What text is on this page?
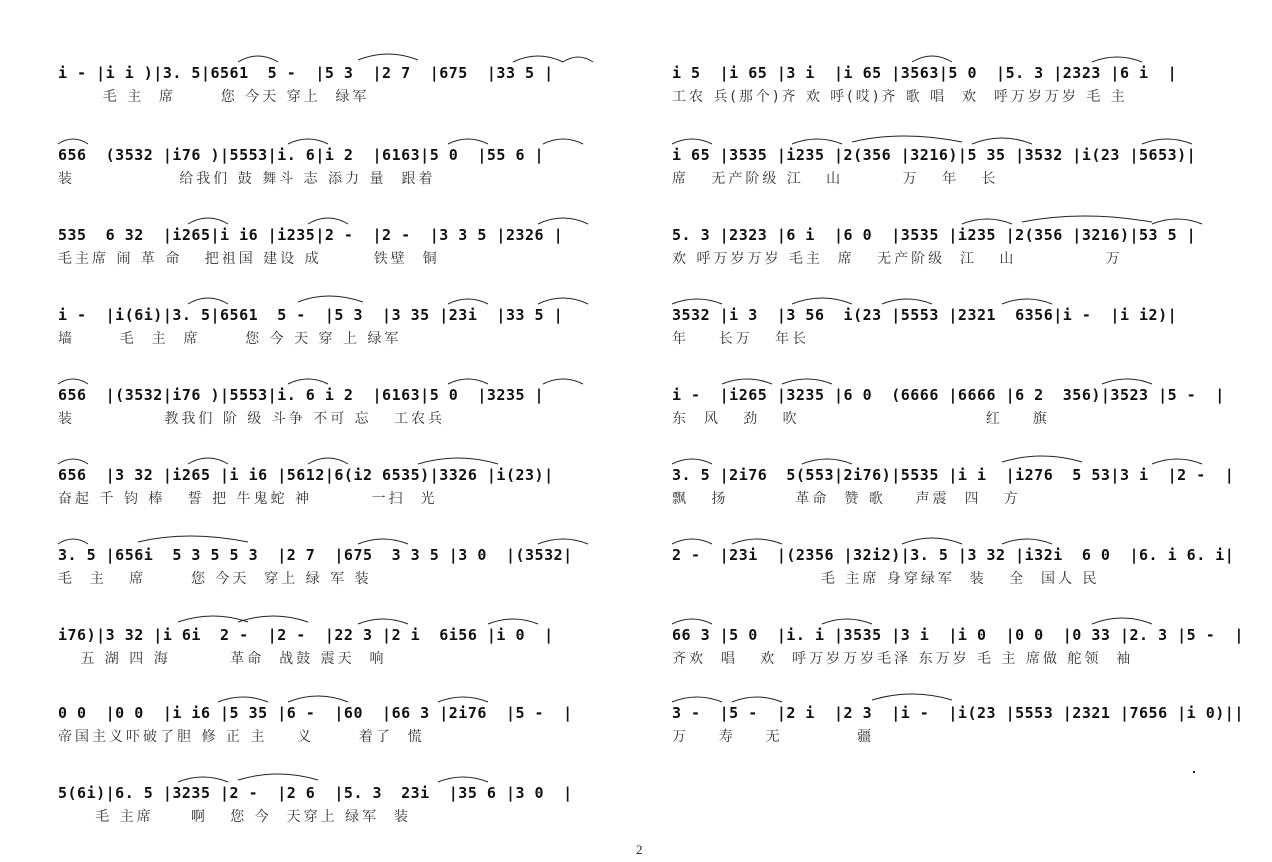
i - |i i )|3. 5|6561  5 -  |5 3  |2 7  |675  |33 5 |
毛 主  席      您 今天 穿上  绿军
656  (3532 |i76 )|5553|i. 6|i 2  |6163|5 0  |55 6 |
装              给我们 鼓 舞斗 志 添力 量  跟着
535  6 32  |i265|i i6 |i235|2 -  |2 -  |3 3 5 |2326 |
毛主席 闹 革 命   把祖国 建设 成       铁壁  铜
i -  |i(6i)|3. 5|6561  5 -  |5 3  |3 35 |23i  |33 5 |
墙      毛  主  席      您 今 天 穿 上 绿军
656  |(3532|i76 )|5553|i. 6 i 2  |6163|5 0  |3235 |
装            教我们 阶 级 斗争 不可 忘   工农兵
656  |3 32 |i265 |i i6 |5612|6(i2 6535)|3326 |i(23)|
奋起 千 钧 棒   誓 把 牛鬼蛇 神        一扫  光
3. 5 |656i  5 3 5 5 3  |2 7  |675  3 3 5 |3 0  |(3532|
毛  主   席      您 今天  穿上 绿 军 装
i76)|3 32 |i 6i  2 -  |2 -  |22 3 |2 i  6i56 |i 0  |
五 湖 四 海        革命  战鼓 震天  响
0 0  |0 0  |i i6 |5 35 |6 -  |60  |66 3 |2i76  |5 -  |
帝国主义吓破了胆 修 正 主    义      着了  慌
5(6i)|6. 5 |3235 |2 -  |2 6  |5. 3  23i  |35 6 |3 0  |
毛 主席     啊   您 今  天穿上 绿军  装
i 5  |i 65 |3 i  |i 65 |3563|5 0  |5. 3 |2323 |6 i  |
工农 兵(那个)齐 欢 呼(哎)齐 歌 唱  欢  呼万岁万岁 毛 主
i 65 |3535 |i235 |2(356 |3216)|5 35 |3532 |i(23 |5653)|
席   无产阶级 江   山        万   年   长
5. 3 |2323 |6 i  |6 0  |3535 |i235 |2(356 |3216)|53 5 |
欢 呼万岁万岁 毛主  席   无产阶级  江   山            万
3532 |i 3  |3 56  i(23 |5553 |2321  6356|i -  |i i2)|
年    长万   年长
i -  |i265 |3235 |6 0  (6666 |6666 |6 2  356)|3523 |5 -  |
东  风   劲   吹                         红    旗
3. 5 |2i76  5(553|2i76)|5535 |i i  |i276  5 53|3 i  |2 -  |
飘   扬         革命  赞 歌    声震  四   方
2 -  |23i  |(2356 |32i2)|3. 5 |3 32 |i32i  6 0  |6. i 6. i|
毛 主席 身穿绿军  装   全  国人 民
66 3 |5 0  |i. i |3535 |3 i  |i 0  |0 0  |0 33 |2. 3 |5 -  |
齐欢  唱   欢  呼万岁万岁毛泽 东万岁 毛 主 席做 舵领  袖
3 -  |5 -  |2 i  |2 3  |i -  |i(23 |5553 |2321 |7656 |i 0)||
万    寿    无          疆
2
